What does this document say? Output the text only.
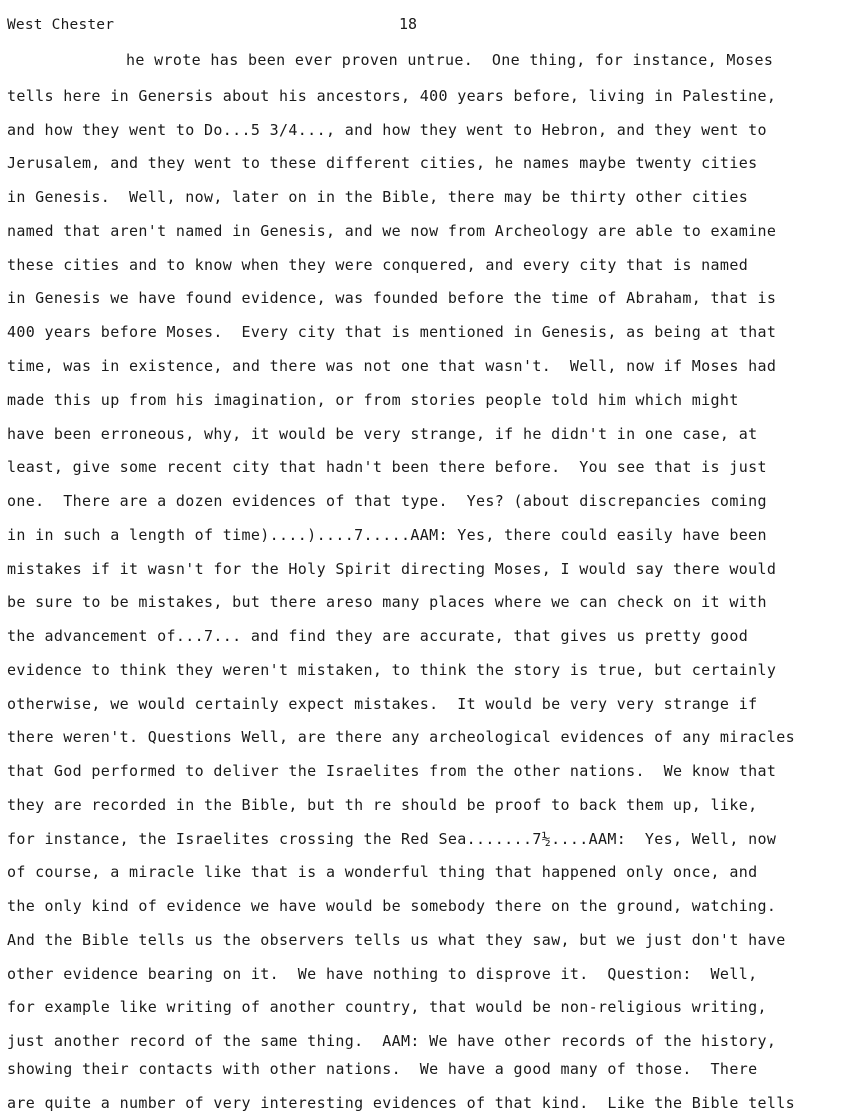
West Chester	18
he wrote has been ever proven untrue.  One thing, for instance, Moses
tells here in Genersis about his ancestors, 400 years before, living in Palestine,
and how they went to Do...5 3/4..., and how they went to Hebron, and they went to
Jerusalem, and they went to these different cities, he names maybe twenty cities
in Genesis.  Well, now, later on in the Bible, there may be thirty other cities
named that aren't named in Genesis, and we now from Archeology are able to examine
these cities and to know when they were conquered, and every city that is named
in Genesis we have found evidence, was founded before the time of Abraham, that is
400 years before Moses.  Every city that is mentioned in Genesis, as being at that
time, was in existence, and there was not one that wasn't.  Well, now if Moses had
made this up from his imagination, or from stories people told him which might
have been erroneous, why, it would be very strange, if he didn't in one case, at
least, give some recent city that hadn't been there before.  You see that is just
one.  There are a dozen evidences of that type.  Yes? (about discrepancies coming
in in such a length of time)....)....7.....AAM: Yes, there could easily have been
mistakes if it wasn't for the Holy Spirit directing Moses, I would say there would
be sure to be mistakes, but there areso many places where we can check on it with
the advancement of...7... and find they are accurate, that gives us pretty good
evidence to think they weren't mistaken, to think the story is true, but certainly
otherwise, we would certainly expect mistakes.  It would be very very strange if
there weren't. Questions Well, are there any archeological evidences of any miracles
that God performed to deliver the Israelites from the other nations.  We know that
they are recorded in the Bible, but th re should be proof to back them up, like,
for instance, the Israelites crossing the Red Sea.......7½....AAM:  Yes, Well, now
of course, a miracle like that is a wonderful thing that happened only once, and
the only kind of evidence we have would be somebody there on the ground, watching.
And the Bible tells us the observers tells us what they saw, but we just don't have
other evidence bearing on it.  We have nothing to disprove it.  Question:  Well,
for example like writing of another country, that would be non-religious writing,
just another record of the same thing.  AAM: We have other records of the history,
showing their contacts with other nations.  We have a good many of those.  There
are quite a number of very interesting evidences of that kind.  Like the Bible tells
